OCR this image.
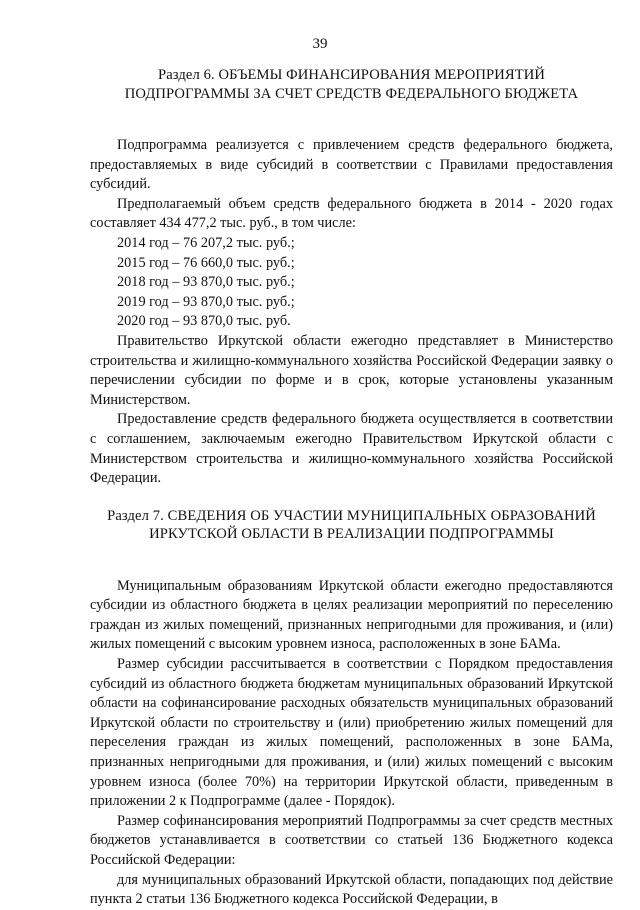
39
Раздел 6. ОБЪЕМЫ ФИНАНСИРОВАНИЯ МЕРОПРИЯТИЙ
ПОДПРОГРАММЫ ЗА СЧЕТ СРЕДСТВ ФЕДЕРАЛЬНОГО БЮДЖЕТА

Подпрограмма реализуется с привлечением средств федерального бюджета, предоставляемых в виде субсидий в соответствии с Правилами предоставления субсидий.

Предполагаемый объем средств федерального бюджета в 2014 - 2020 годах составляет 434 477,2 тыс. руб., в том числе:

2014 год – 76 207,2 тыс. руб.;

2015 год – 76 660,0 тыс. руб.;

2018 год – 93 870,0 тыс. руб.;

2019 год – 93 870,0 тыс. руб.;

2020 год – 93 870,0 тыс. руб.

Правительство Иркутской области ежегодно представляет в Министерство строительства и жилищно-коммунального хозяйства Российской Федерации заявку о перечислении субсидии по форме и в срок, которые установлены указанным Министерством.

Предоставление средств федерального бюджета осуществляется в соответствии с соглашением, заключаемым ежегодно Правительством Иркутской области с Министерством строительства и жилищно-коммунального хозяйства Российской Федерации.

Раздел 7. СВЕДЕНИЯ ОБ УЧАСТИИ МУНИЦИПАЛЬНЫХ ОБРАЗОВАНИЙ
ИРКУТСКОЙ ОБЛАСТИ В РЕАЛИЗАЦИИ ПОДПРОГРАММЫ

Муниципальным образованиям Иркутской области ежегодно предоставляются субсидии из областного бюджета в целях реализации мероприятий по переселению граждан из жилых помещений, признанных непригодными для проживания, и (или) жилых помещений с высоким уровнем износа, расположенных в зоне БАМа.

Размер субсидии рассчитывается в соответствии с Порядком предоставления субсидий из областного бюджета бюджетам муниципальных образований Иркутской области на софинансирование расходных обязательств муниципальных образований Иркутской области по строительству и (или) приобретению жилых помещений для переселения граждан из жилых помещений, расположенных в зоне БАМа, признанных непригодными для проживания, и (или) жилых помещений с высоким уровнем износа (более 70%) на территории Иркутской области, приведенным в приложении 2 к Подпрограмме (далее - Порядок).

Размер софинансирования мероприятий Подпрограммы за счет средств местных бюджетов устанавливается в соответствии со статьей 136 Бюджетного кодекса Российской Федерации:

для муниципальных образований Иркутской области, попадающих под действие пункта 2 статьи 136 Бюджетного кодекса Российской Федерации, в
